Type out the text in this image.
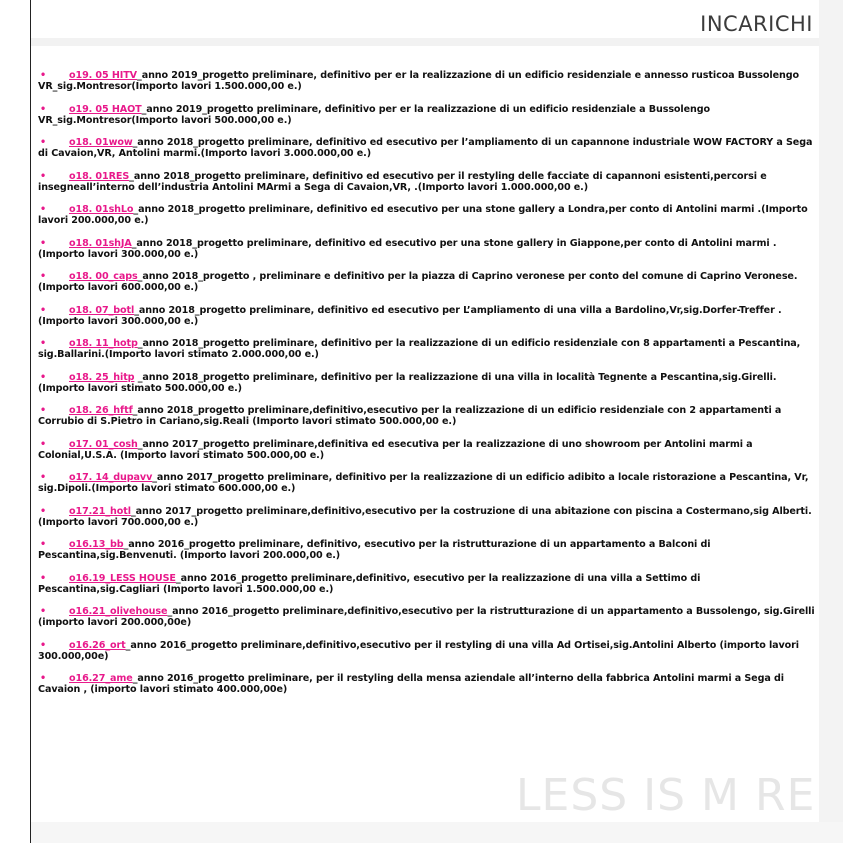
INCARICHI
• o19. 05 HITV_anno 2019_progetto preliminare, definitivo per er la realizzazione di un edificio residenziale e annesso rusticoa Bussolengo VR_sig.Montresor(Importo lavori 1.500.000,00 e.)
• o19. 05 HAOT_anno 2019_progetto preliminare, definitivo per er la realizzazione di un edificio residenziale a Bussolengo VR_sig.Montresor(Importo lavori 500.000,00 e.)
• o18. 01wow_anno 2018_progetto preliminare, definitivo ed esecutivo per l’ampliamento di un capannone industriale WOW FACTORY a Sega di Cavaion,VR, Antolini marmi.(Importo lavori 3.000.000,00 e.)
• o18. 01RES_anno 2018_progetto preliminare, definitivo ed esecutivo per il restyling delle facciate di capannoni esistenti,percorsi e insegneall’interno dell’industria Antolini MArmi a Sega di Cavaion,VR, .(Importo lavori 1.000.000,00 e.)
• o18. 01shLo_anno 2018_progetto preliminare, definitivo ed esecutivo per una stone gallery a Londra,per conto di Antolini marmi .(Importo lavori 200.000,00 e.)
• o18. 01shJA_anno 2018_progetto preliminare, definitivo ed esecutivo per una stone gallery in Giappone,per conto di Antolini marmi .(Importo lavori 300.000,00 e.)
• o18. 00_caps_anno 2018_progetto , preliminare e definitivo per la piazza di Caprino veronese per conto del comune di Caprino Veronese.(Importo lavori 600.000,00 e.)
• o18. 07_botl_anno 2018_progetto preliminare, definitivo ed esecutivo per L’ampliamento di una villa a Bardolino,Vr,sig.Dorfer-Treffer .(Importo lavori 300.000,00 e.)
• o18. 11_hotp_anno 2018_progetto preliminare, definitivo per la realizzazione di un edificio residenziale con 8 appartamenti a Pescantina, sig.Ballarini.(Importo lavori stimato 2.000.000,00 e.)
• o18. 25_hitp _anno 2018_progetto preliminare, definitivo per la realizzazione di una villa in località Tegnente a Pescantina,sig.Girelli. (Importo lavori stimato 500.000,00 e.)
• o18. 26_hftf_anno 2018_progetto preliminare,definitivo,esecutivo per la realizzazione di un edificio residenziale con 2 appartamenti a Corrubio di S.Pietro in Cariano,sig.Reali (Importo lavori stimato 500.000,00 e.)
• o17. 01_cosh_anno 2017_progetto preliminare,definitiva ed esecutiva per la realizzazione di uno showroom per Antolini marmi a Colonial,U.S.A. (Importo lavori stimato 500.000,00 e.)
• o17. 14_dupavv_anno 2017_progetto preliminare, definitivo per la realizzazione di un edificio adibito a locale ristorazione a Pescantina, Vr, sig.Dipoli.(Importo lavori stimato 600.000,00 e.)
• o17.21_hotl_anno 2017_progetto preliminare,definitivo,esecutivo per la costruzione di una abitazione con piscina a Costermano,sig Alberti. (Importo lavori 700.000,00 e.)
• o16.13_bb_anno 2016_progetto preliminare, definitivo, esecutivo per la ristrutturazione di un appartamento a Balconi di Pescantina,sig.Benvenuti. (Importo lavori 200.000,00 e.)
• o16.19_LESS HOUSE_anno 2016_progetto preliminare,definitivo, esecutivo per la realizzazione di una villa a Settimo di Pescantina,sig.Cagliari (Importo lavori 1.500.000,00 e.)
• o16.21_olivehouse_anno 2016_progetto preliminare,definitivo,esecutivo per la ristrutturazione di un appartamento a Bussolengo, sig.Girelli (importo lavori 200.000,00e)
• o16.26_ort_anno 2016_progetto preliminare,definitivo,esecutivo per il restyling di una villa Ad Ortisei,sig.Antolini Alberto (importo lavori 300.000,00e)
• o16.27_ame_anno 2016_progetto preliminare, per il restyling della mensa aziendale all’interno della fabbrica Antolini marmi a Sega di Cavaion , (importo lavori stimato 400.000,00e)
LESS IS M RE
